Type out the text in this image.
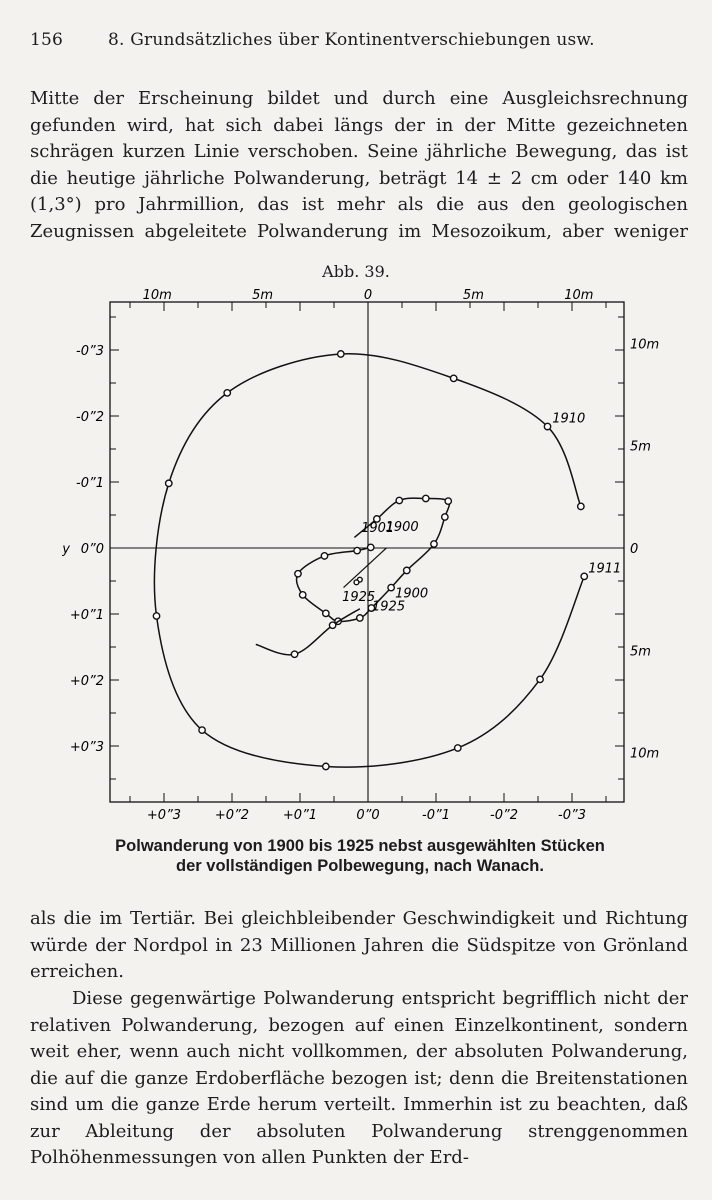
156	8. Grundsätzliches über Kontinentverschiebungen usw.
Mitte der Erscheinung bildet und durch eine Ausgleichsrechnung gefunden wird, hat sich dabei längs der in der Mitte gezeichneten schrägen kurzen Linie verschoben. Seine jährliche Bewegung, das ist die heutige jährliche Polwanderung, beträgt 14 ± 2 cm oder 140 km (1,3°) pro Jahrmillion, das ist mehr als die aus den geologischen Zeugnissen abgeleitete Polwanderung im Mesozoikum, aber weniger
Abb. 39.
-0”3
-0”2
-0”1
0”0
y
+0”1
+0”2
+0”3
+0”3	+0”2	+0”1	0”0	-0”1	-0”2	-0”3
10m	5m	0	5m	10m
10m
5m
0
5m
10m
1910
1911
1901
1900
1925 1900
1925
Polwanderung von 1900 bis 1925 nebst ausgewählten Stücken
der vollständigen Polbewegung, nach Wanach.
als die im Tertiär. Bei gleichbleibender Geschwindigkeit und Richtung würde der Nordpol in 23 Millionen Jahren die Südspitze von Grönland erreichen.
Diese gegenwärtige Polwanderung entspricht begrifflich nicht der relativen Polwanderung, bezogen auf einen Einzelkontinent, sondern weit eher, wenn auch nicht vollkommen, der absoluten Polwanderung, die auf die ganze Erdoberfläche bezogen ist; denn die Breitenstationen sind um die ganze Erde herum verteilt. Immerhin ist zu beachten, daß zur Ableitung der absoluten Polwanderung strenggenommen Polhöhenmessungen von allen Punkten der Erd-
